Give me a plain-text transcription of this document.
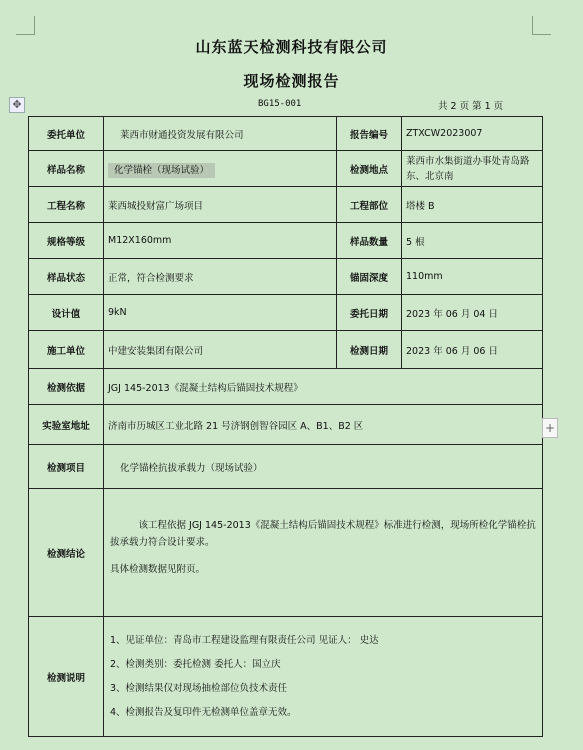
山东蓝天检测科技有限公司
现场检测报告
✥	BG15-001	共 2 页 第 1 页
委托单位	莱西市财通投资发展有限公司	报告编号	ZTXCW2023007
样品名称	化学锚栓（现场试验）	检测地点	莱西市水集街道办事处青岛路东、北京南
工程名称	莱西城投财富广场项目	工程部位	塔楼 B
规格等级	M12X160mm	样品数量	5 根
样品状态	正常，符合检测要求	锚固深度	110mm
设计值	9kN	委托日期	2023 年 06 月 04 日
施工单位	中建安装集团有限公司	检测日期	2023 年 06 月 06 日
检测依据	JGJ 145-2013《混凝土结构后锚固技术规程》		
实验室地址	济南市历城区工业北路 21 号济钢创智谷园区 A、B1、B2 区		
检测项目	化学锚栓抗拔承载力（现场试验）		
检测结论	该工程依据 JGJ 145-2013《混凝土结构后锚固技术规程》标准进行检测，现场所检化学锚栓抗拔承载力符合设计要求。

具体检测数据见附页。		

检测说明	1、见证单位：青岛市工程建设监理有限责任公司 见证人： 史达

2、检测类别：委托检测 委托人：国立庆

3、检测结果仅对现场抽检部位负技术责任

4、检测报告及复印件无检测单位盖章无效。		

+
